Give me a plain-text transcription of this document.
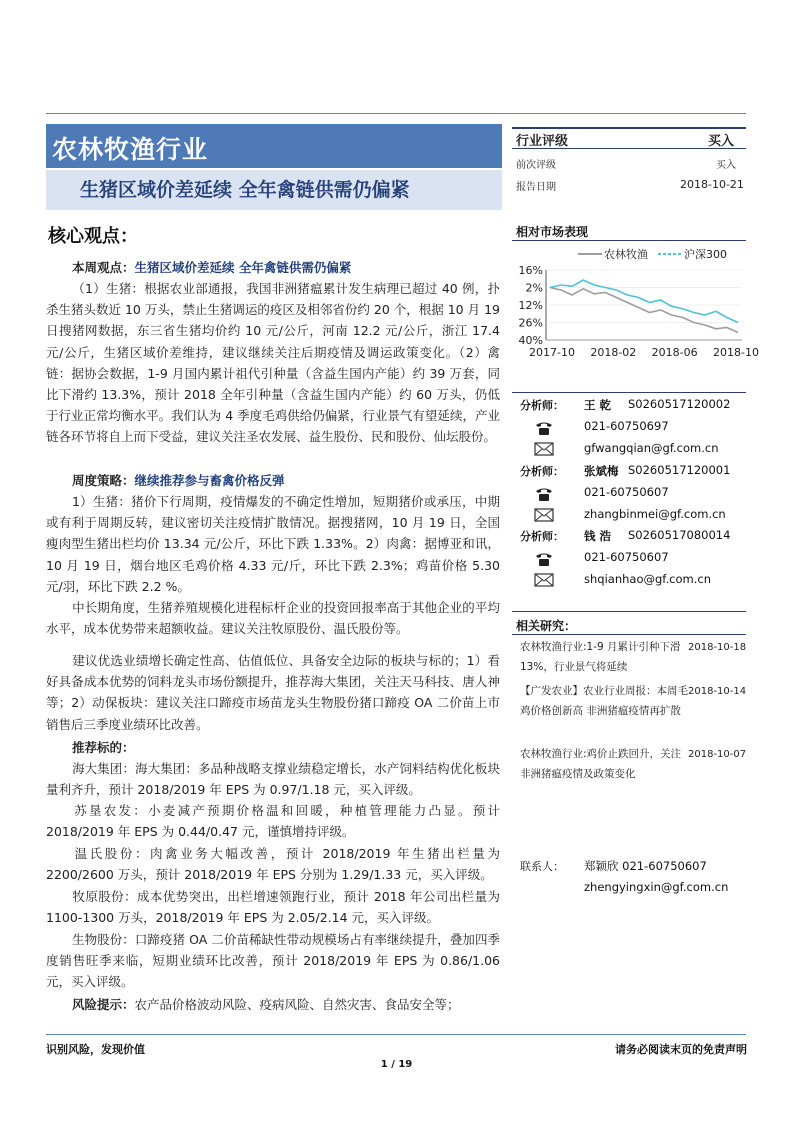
农林牧渔行业
生猪区域价差延续 全年禽链供需仍偏紧
行业评级	买入
前次评级	买入
报告日期	2018-10-21
核心观点：
本周观点：生猪区域价差延续 全年禽链供需仍偏紧
（1）生猪：根据农业部通报，我国非洲猪瘟累计发生病理已超过 40 例，扑杀生猪头数近 10 万头，禁止生猪调运的疫区及相邻省份约 20 个，根据 10 月 19 日搜猪网数据，东三省生猪均价约 10 元/公斤，河南 12.2 元/公斤，浙江 17.4 元/公斤，生猪区域价差维持，建议继续关注后期疫情及调运政策变化。（2）禽链：据协会数据，1-9 月国内累计祖代引种量（含益生国内产能）约 39 万套，同比下滑约 13.3%，预计 2018 全年引种量（含益生国内产能）约 60 万头，仍低于行业正常均衡水平。我们认为 4 季度毛鸡供给仍偏紧，行业景气有望延续，产业链各环节将自上而下受益，建议关注圣农发展、益生股份、民和股份、仙坛股份。
周度策略：继续推荐参与畜禽价格反弹
1）生猪：猪价下行周期，疫情爆发的不确定性增加，短期猪价或承压，中期或有利于周期反转，建议密切关注疫情扩散情况。据搜猪网，10 月 19 日，全国瘦肉型生猪出栏均价 13.34 元/公斤，环比下跌 1.33%。2）肉禽：据博亚和讯，10 月 19 日，烟台地区毛鸡价格 4.33 元/斤，环比下跌 2.3%；鸡苗价格 5.30 元/羽，环比下跌 2.2 %。
中长期角度，生猪养殖规模化进程标杆企业的投资回报率高于其他企业的平均水平，成本优势带来超额收益。建议关注牧原股份、温氏股份等。
建议优选业绩增长确定性高、估值低位、具备安全边际的板块与标的；1）看好具备成本优势的饲料龙头市场份额提升，推荐海大集团，关注天马科技、唐人神等；2）动保板块：建议关注口蹄疫市场苗龙头生物股份猪口蹄疫 OA 二价苗上市销售后三季度业绩环比改善。
推荐标的：
海大集团：海大集团：多品种战略支撑业绩稳定增长，水产饲料结构优化板块量利齐升，预计 2018/2019 年 EPS 为 0.97/1.18 元，买入评级。
苏垦农发：小麦减产预期价格温和回暖，种植管理能力凸显。预计 2018/2019 年 EPS 为 0.44/0.47 元，谨慎增持评级。
温氏股份：肉禽业务大幅改善，预计 2018/2019 年生猪出栏量为 2200/2600 万头，预计 2018/2019 年 EPS 分别为 1.29/1.33 元，买入评级。
牧原股份：成本优势突出，出栏增速领跑行业，预计 2018 年公司出栏量为 1100-1300 万头，2018/2019 年 EPS 为 2.05/2.14 元，买入评级。
生物股份：口蹄疫猪 OA 二价苗稀缺性带动规模场占有率继续提升，叠加四季度销售旺季来临，短期业绩环比改善，预计 2018/2019 年 EPS 为 0.86/1.06 元，买入评级。
风险提示：农产品价格波动风险、疫病风险、自然灾害、食品安全等；
相对市场表现
农林牧渔	沪深300
16%
2%
12%
26%
40%
2017-10 2018-02 2018-06 2018-10
分析师： 王 乾 S0260517120002
021-60750697
gfwangqian@gf.com.cn
分析师： 张斌梅 S0260517120001
021-60750607
zhangbinmei@gf.com.cn
分析师： 钱 浩 S0260517080014
021-60750607
shqianhao@gf.com.cn
相关研究：
农林牧渔行业:1-9 月累计引种下滑 13%，行业景气将延续
2018-10-18
【广发农业】农业行业周报：本周毛鸡价格创新高 非洲猪瘟疫情再扩散
2018-10-14
农林牧渔行业:鸡价止跌回升，关注非洲猪瘟疫情及政策变化
2018-10-07
联系人： 郑颖欣 021-60750607
zhengyingxin@gf.com.cn
识别风险，发现价值	请务必阅读末页的免责声明
1 / 19
